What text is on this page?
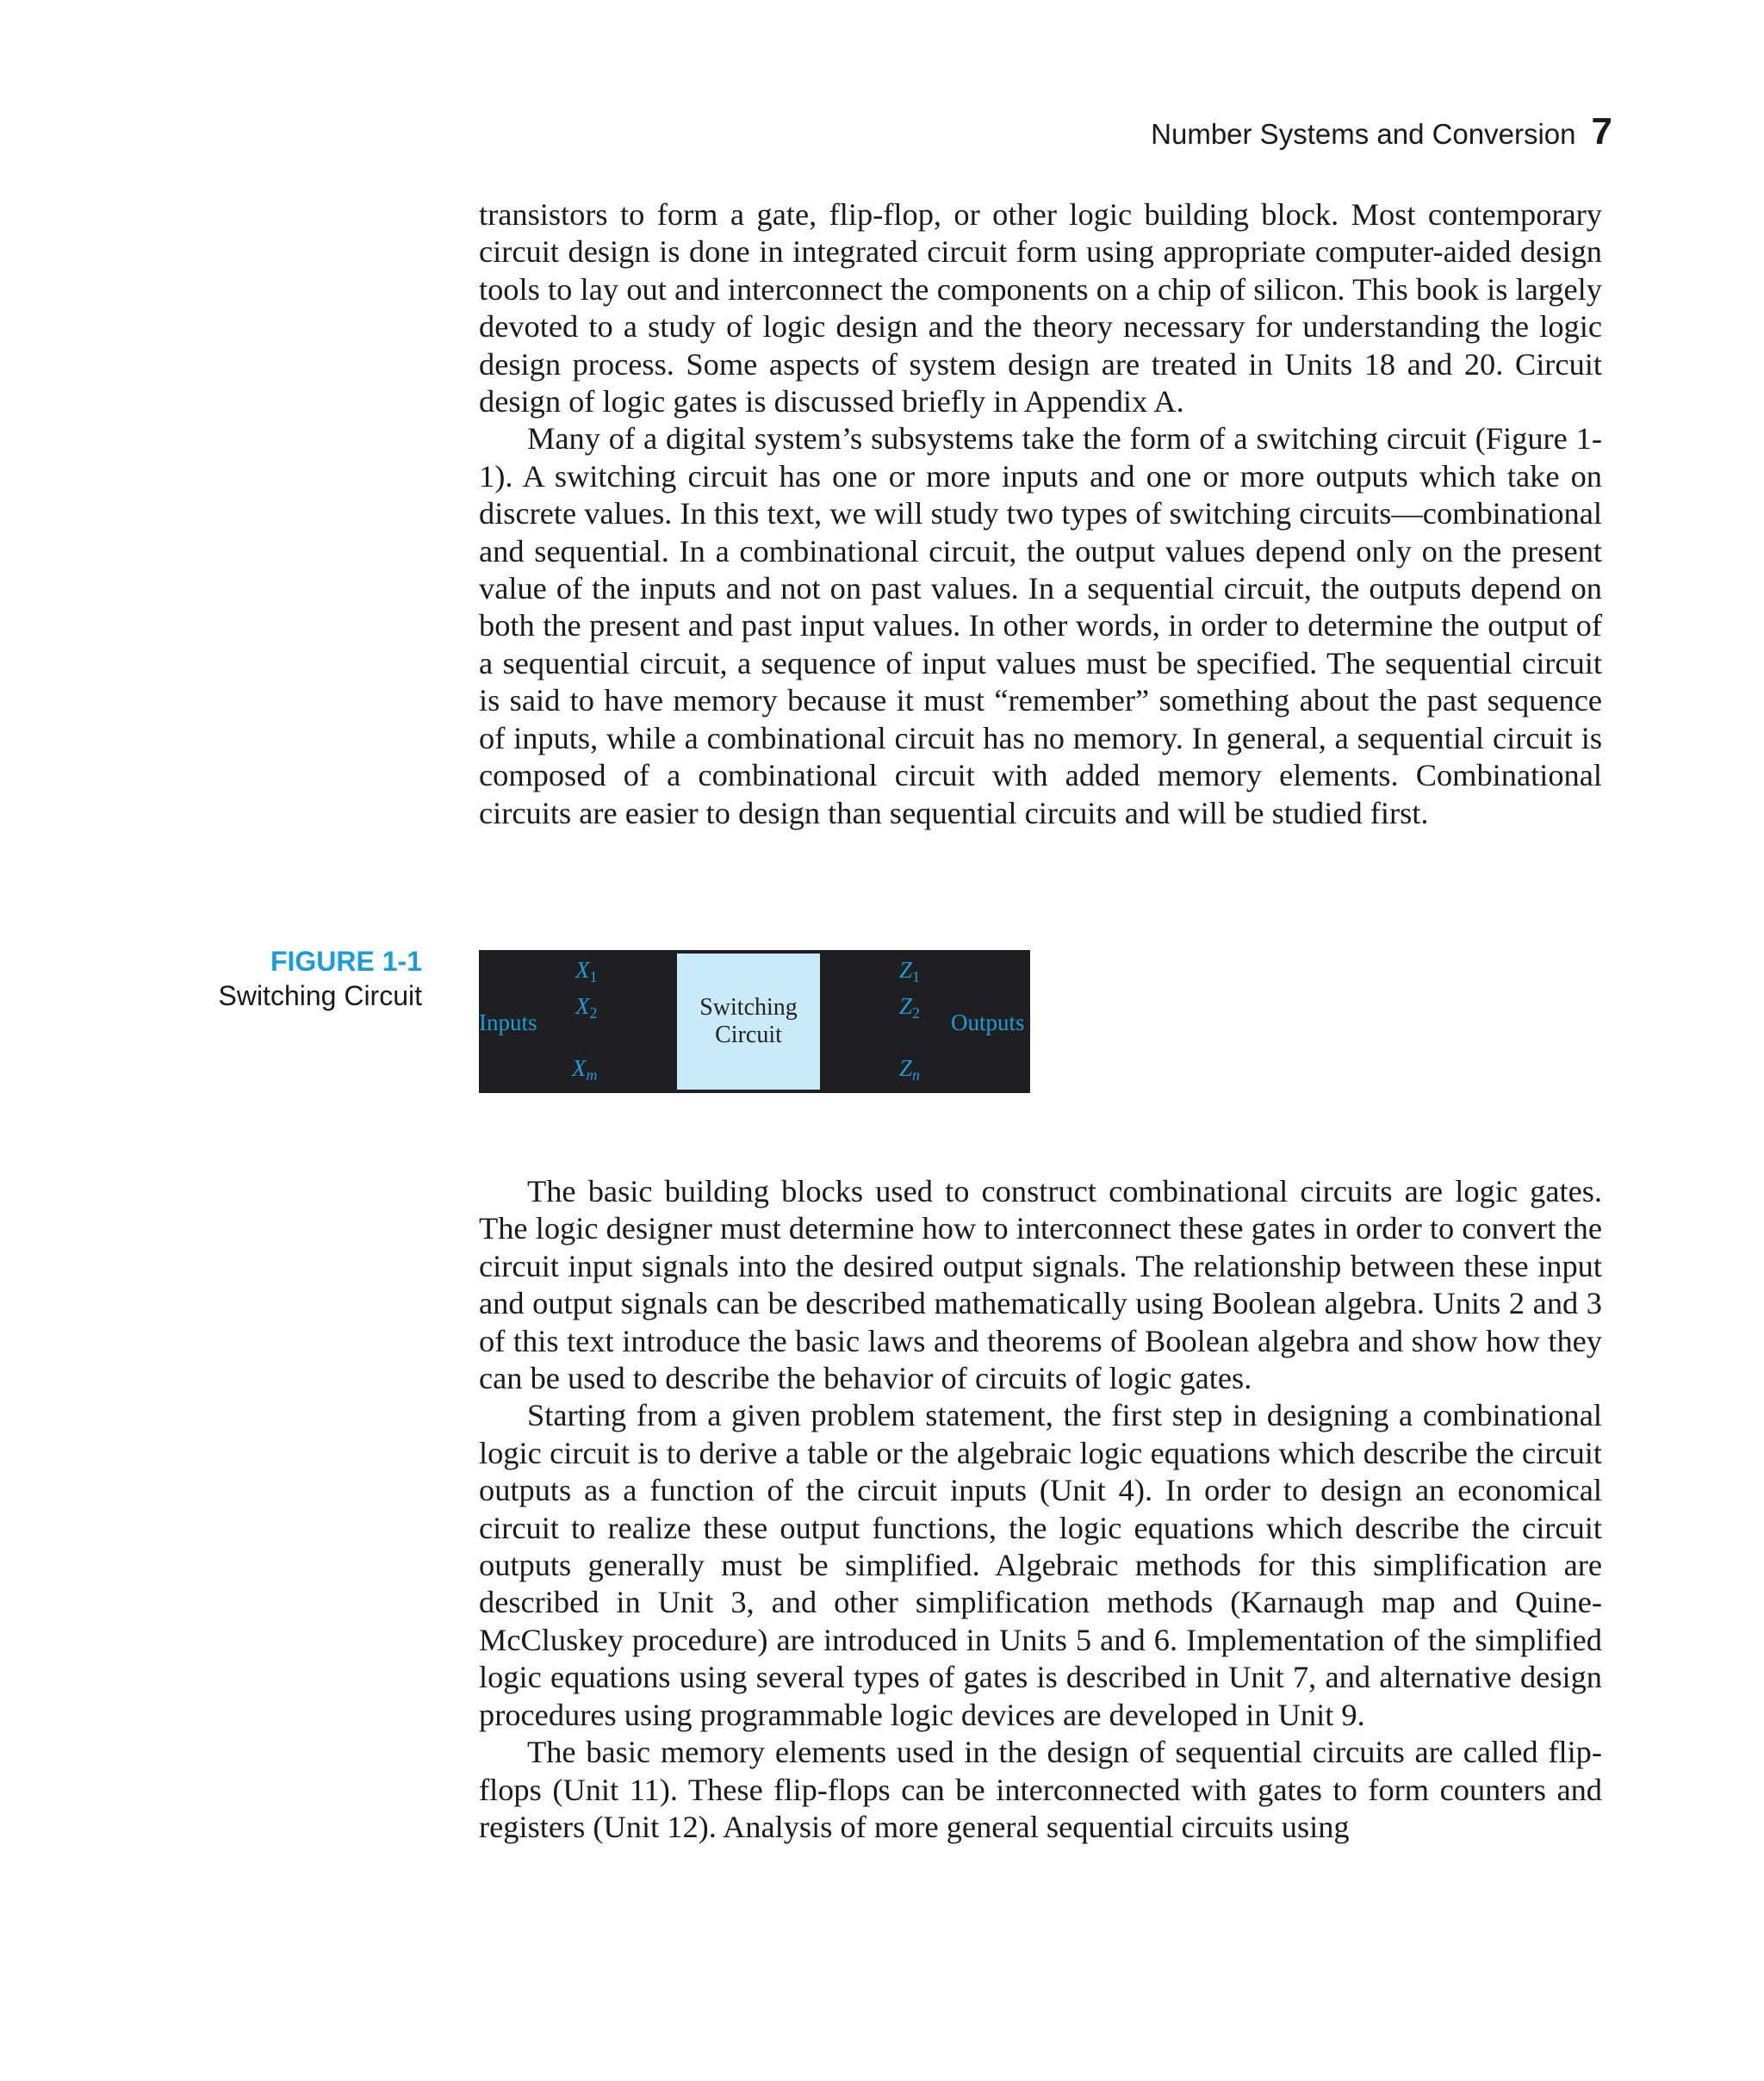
Number Systems and Conversion 7

transistors to form a gate, flip-flop, or other logic building block. Most contemporary circuit design is done in integrated circuit form using appropriate computer-aided design tools to lay out and interconnect the components on a chip of silicon. This book is largely devoted to a study of logic design and the theory necessary for understanding the logic design process. Some aspects of system design are treated in Units 18 and 20. Circuit design of logic gates is discussed briefly in Appendix A.

Many of a digital system’s subsystems take the form of a switching circuit (Figure 1-1). A switching circuit has one or more inputs and one or more outputs which take on discrete values. In this text, we will study two types of switching circuits—combinational and sequential. In a combinational circuit, the output values depend only on the present value of the inputs and not on past values. In a sequential circuit, the outputs depend on both the present and past input values. In other words, in order to determine the output of a sequential circuit, a sequence of input values must be specified. The sequential circuit is said to have memory because it must “remember” something about the past sequence of inputs, while a combinational circuit has no memory. In general, a sequential circuit is composed of a combinational circuit with added memory elements. Combinational circuits are easier to design than sequential circuits and will be studied first.

FIGURE 1-1
Switching Circuit
Inputs
$X_1$
$X_2$
$X_m$
Switching
Circuit
$Z_1$
$Z_2$
$Z_n$
Outputs

The basic building blocks used to construct combinational circuits are logic gates. The logic designer must determine how to interconnect these gates in order to convert the circuit input signals into the desired output signals. The relationship between these input and output signals can be described mathematically using Boolean algebra. Units 2 and 3 of this text introduce the basic laws and theorems of Boolean algebra and show how they can be used to describe the behavior of circuits of logic gates.

Starting from a given problem statement, the first step in designing a combinational logic circuit is to derive a table or the algebraic logic equations which describe the circuit outputs as a function of the circuit inputs (Unit 4). In order to design an economical circuit to realize these output functions, the logic equations which describe the circuit outputs generally must be simplified. Algebraic methods for this simplification are described in Unit 3, and other simplification methods (Karnaugh map and Quine-McCluskey procedure) are introduced in Units 5 and 6. Implementation of the simplified logic equations using several types of gates is described in Unit 7, and alternative design procedures using programmable logic devices are developed in Unit 9.

The basic memory elements used in the design of sequential circuits are called flip-flops (Unit 11). These flip-flops can be interconnected with gates to form counters and registers (Unit 12). Analysis of more general sequential circuits using
